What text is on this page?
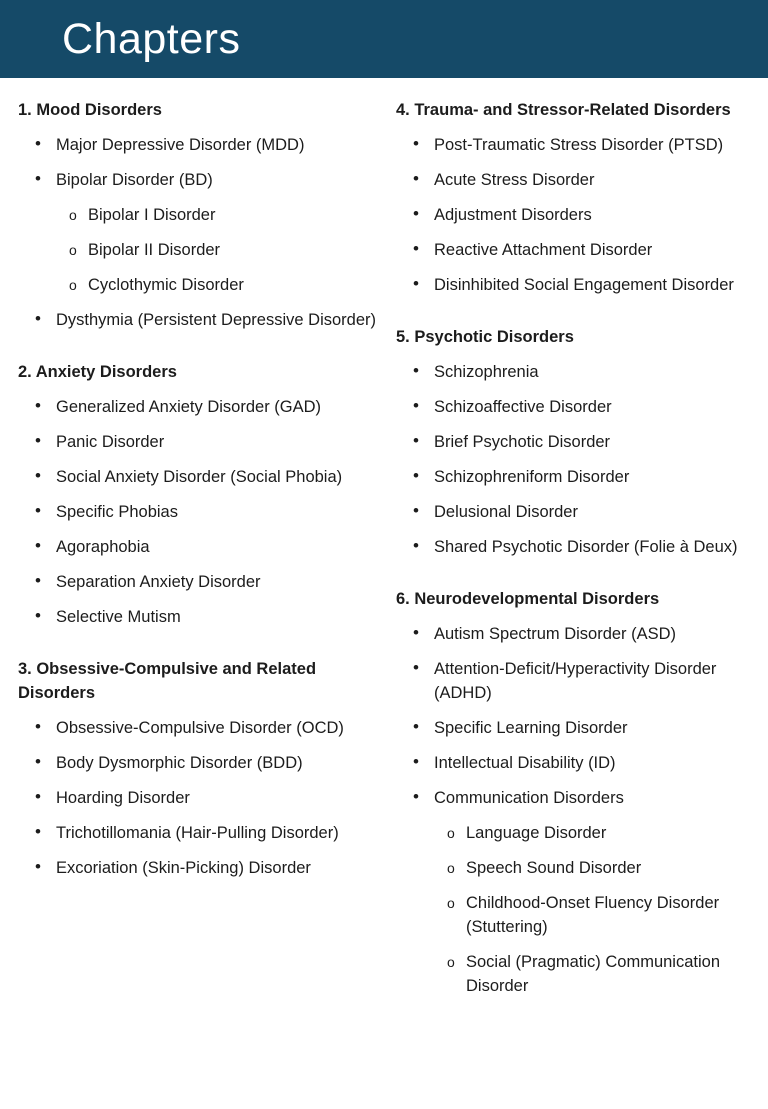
Chapters
1. Mood Disorders
• Major Depressive Disorder (MDD)
• Bipolar Disorder (BD)
o Bipolar I Disorder
o Bipolar II Disorder
o Cyclothymic Disorder
• Dysthymia (Persistent Depressive Disorder)
2. Anxiety Disorders
• Generalized Anxiety Disorder (GAD)
• Panic Disorder
• Social Anxiety Disorder (Social Phobia)
• Specific Phobias
• Agoraphobia
• Separation Anxiety Disorder
• Selective Mutism
3. Obsessive-Compulsive and Related Disorders
• Obsessive-Compulsive Disorder (OCD)
• Body Dysmorphic Disorder (BDD)
• Hoarding Disorder
• Trichotillomania (Hair-Pulling Disorder)
• Excoriation (Skin-Picking) Disorder
4. Trauma- and Stressor-Related Disorders
• Post-Traumatic Stress Disorder (PTSD)
• Acute Stress Disorder
• Adjustment Disorders
• Reactive Attachment Disorder
• Disinhibited Social Engagement Disorder
5. Psychotic Disorders
• Schizophrenia
• Schizoaffective Disorder
• Brief Psychotic Disorder
• Schizophreniform Disorder
• Delusional Disorder
• Shared Psychotic Disorder (Folie à Deux)
6. Neurodevelopmental Disorders
• Autism Spectrum Disorder (ASD)
• Attention-Deficit/Hyperactivity Disorder (ADHD)
• Specific Learning Disorder
• Intellectual Disability (ID)
• Communication Disorders
o Language Disorder
o Speech Sound Disorder
o Childhood-Onset Fluency Disorder (Stuttering)
o Social (Pragmatic) Communication Disorder
